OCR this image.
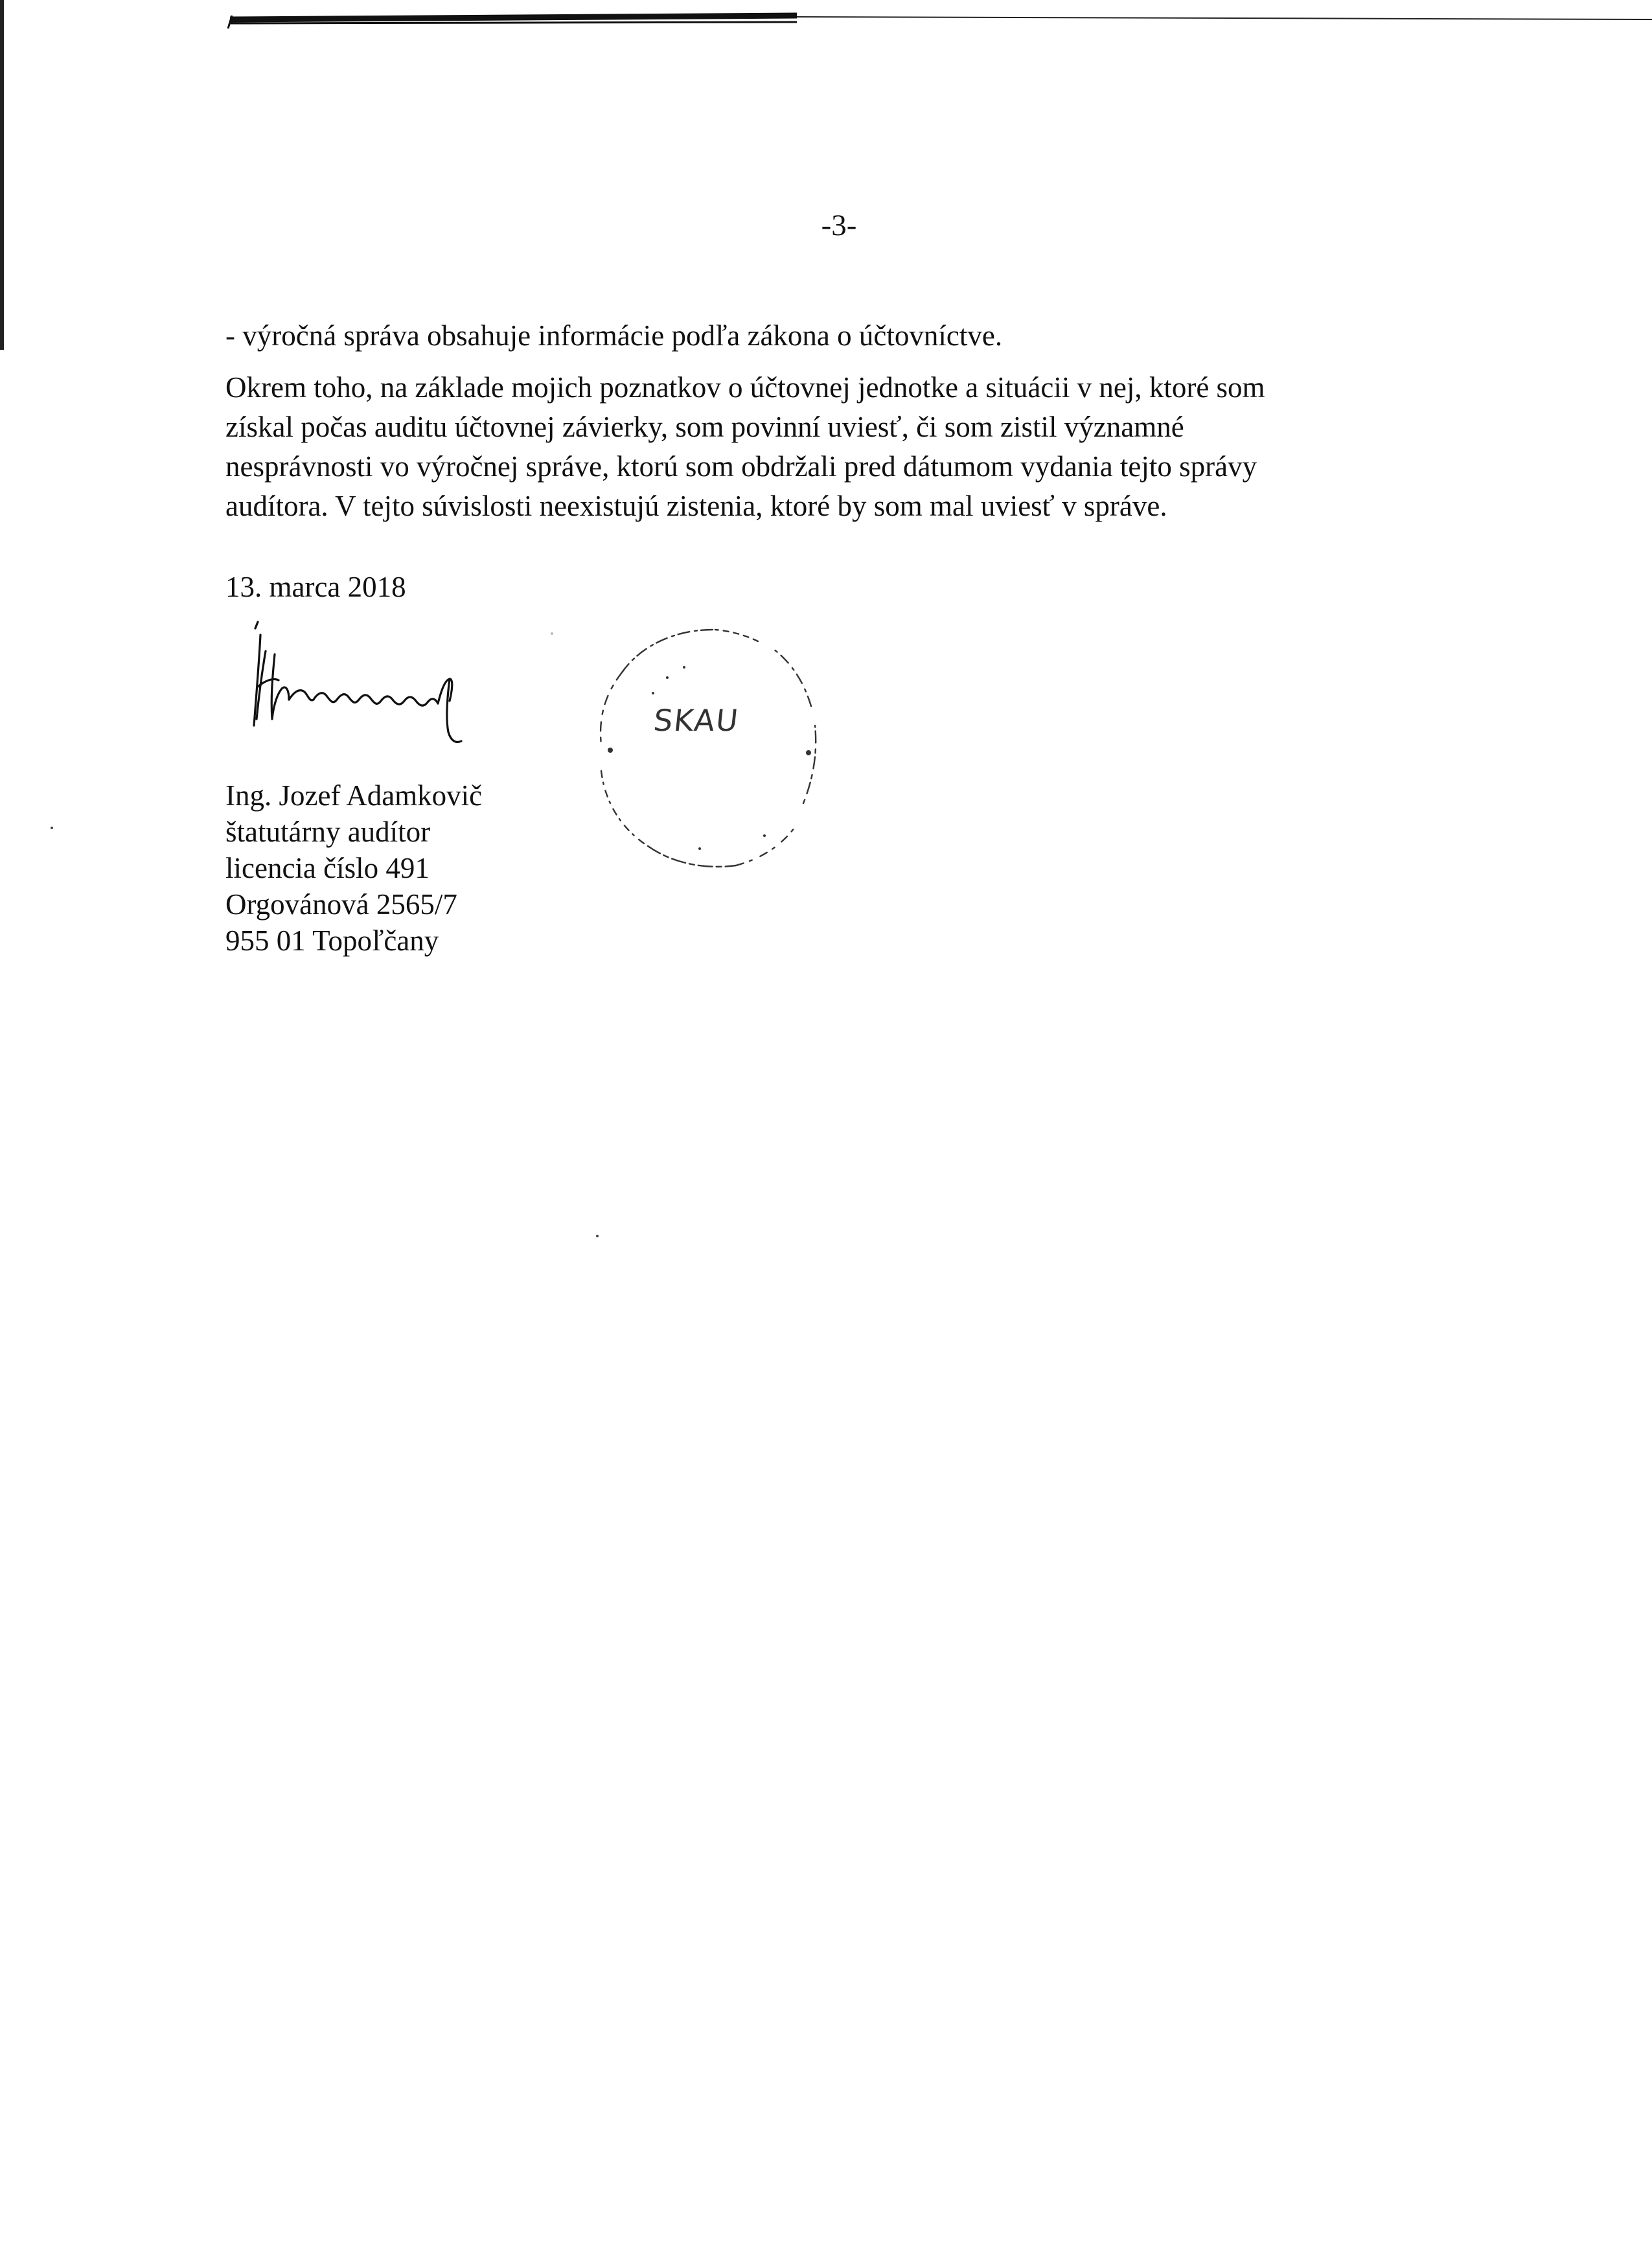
-3-

- výročná správa obsahuje informácie podľa zákona o účtovníctve.

Okrem toho, na základe mojich poznatkov o účtovnej jednotke a situácii v nej, ktoré som
získal počas auditu účtovnej závierky, som povinní uviesť, či som zistil významné
nesprávnosti vo výročnej správe, ktorú som obdržali pred dátumom vydania tejto správy
audítora. V tejto súvislosti neexistujú zistenia, ktoré by som mal uviesť v správe.

13. marca 2018

SKAU
Ing. Jozef Adamkovič
štatutárny audítor
licencia číslo 491
Orgovánová 2565/7
955 01 Topoľčany
